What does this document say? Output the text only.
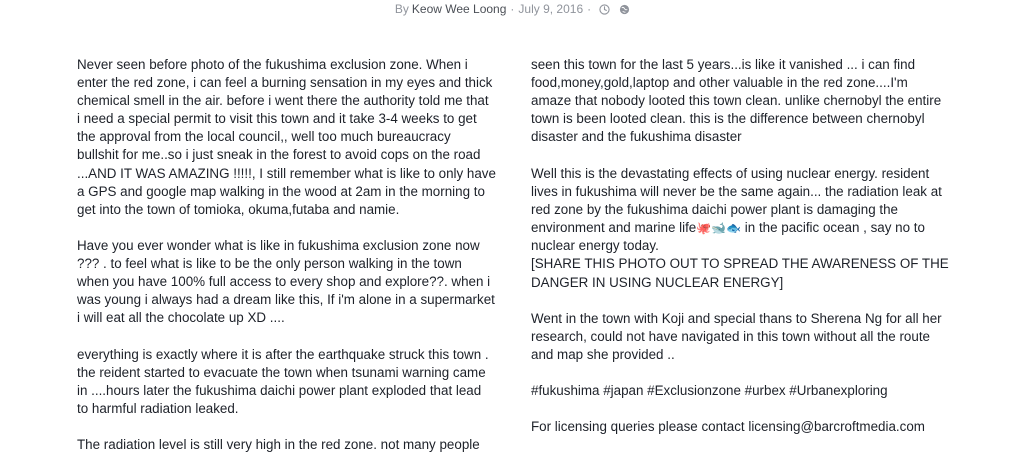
By Keow Wee Loong · July 9, 2016 ·

Never seen before photo of the fukushima exclusion zone. When i
enter the red zone, i can feel a burning sensation in my eyes and thick
chemical smell in the air. before i went there the authority told me that
i need a special permit to visit this town and it take 3-4 weeks to get
the approval from the local council,, well too much bureaucracy
bullshit for me..so i just sneak in the forest to avoid cops on the road
...AND IT WAS AMAZING !!!!!, I still remember what is like to only have
a GPS and google map walking in the wood at 2am in the morning to
get into the town of tomioka, okuma,futaba and namie.

Have you ever wonder what is like in fukushima exclusion zone now
??? . to feel what is like to be the only person walking in the town
when you have 100% full access to every shop and explore??. when i
was young i always had a dream like this, If i'm alone in a supermarket
i will eat all the chocolate up XD ....

everything is exactly where it is after the earthquake struck this town .
the reident started to evacuate the town when tsunami warning came
in ....hours later the fukushima daichi power plant exploded that lead
to harmful radiation leaked.

The radiation level is still very high in the red zone. not many people

seen this town for the last 5 years...is like it vanished ... i can find
food,money,gold,laptop and other valuable in the red zone....I'm
amaze that nobody looted this town clean. unlike chernobyl the entire
town is been looted clean. this is the difference between chernobyl
disaster and the fukushima disaster

Well this is the devastating effects of using nuclear energy. resident
lives in fukushima will never be the same again... the radiation leak at
red zone by the fukushima daichi power plant is damaging the
environment and marine life🐙🐋🐟 in the pacific ocean , say no to
nuclear energy today.
[SHARE THIS PHOTO OUT TO SPREAD THE AWARENESS OF THE
DANGER IN USING NUCLEAR ENERGY]

Went in the town with Koji and special thans to Sherena Ng for all her
research, could not have navigated in this town without all the route
and map she provided ..

#fukushima #japan #Exclusionzone #urbex #Urbanexploring

For licensing queries please contact licensing@barcroftmedia.com
